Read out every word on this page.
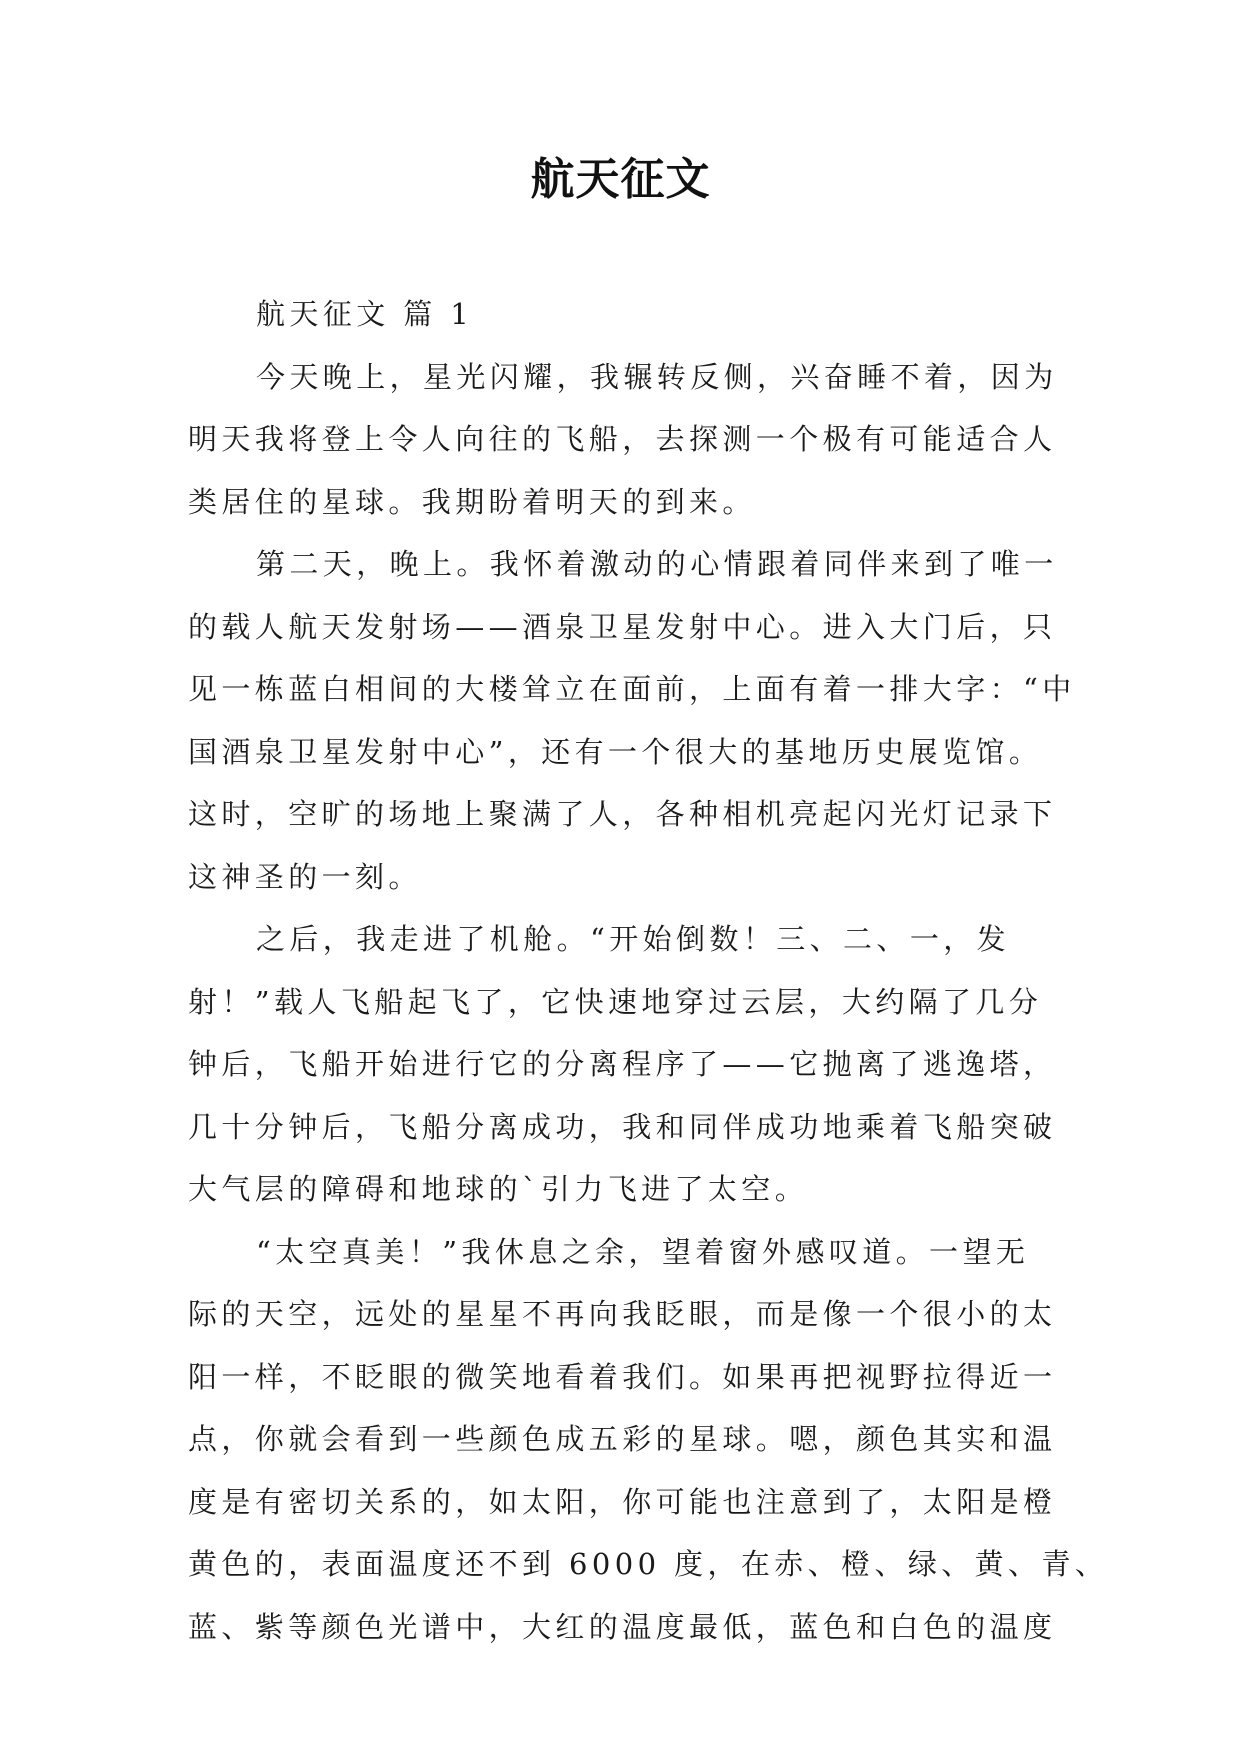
航天征文
航天征文 篇 1
今天晚上，星光闪耀，我辗转反侧，兴奋睡不着，因为
明天我将登上令人向往的飞船，去探测一个极有可能适合人
类居住的星球。我期盼着明天的到来。
第二天，晚上。我怀着激动的心情跟着同伴来到了唯一
的载人航天发射场——酒泉卫星发射中心。进入大门后，只
见一栋蓝白相间的大楼耸立在面前，上面有着一排大字：“中
国酒泉卫星发射中心”，还有一个很大的基地历史展览馆。
这时，空旷的场地上聚满了人，各种相机亮起闪光灯记录下
这神圣的一刻。
之后，我走进了机舱。“开始倒数！三、二、一，发
射！”载人飞船起飞了，它快速地穿过云层，大约隔了几分
钟后，飞船开始进行它的分离程序了——它抛离了逃逸塔，
几十分钟后，飞船分离成功，我和同伴成功地乘着飞船突破
大气层的障碍和地球的`引力飞进了太空。
“太空真美！”我休息之余，望着窗外感叹道。一望无
际的天空，远处的星星不再向我眨眼，而是像一个很小的太
阳一样，不眨眼的微笑地看着我们。如果再把视野拉得近一
点，你就会看到一些颜色成五彩的星球。嗯，颜色其实和温
度是有密切关系的，如太阳，你可能也注意到了，太阳是橙
黄色的，表面温度还不到 6000 度，在赤、橙、绿、黄、青、
蓝、紫等颜色光谱中，大红的温度最低，蓝色和白色的温度
